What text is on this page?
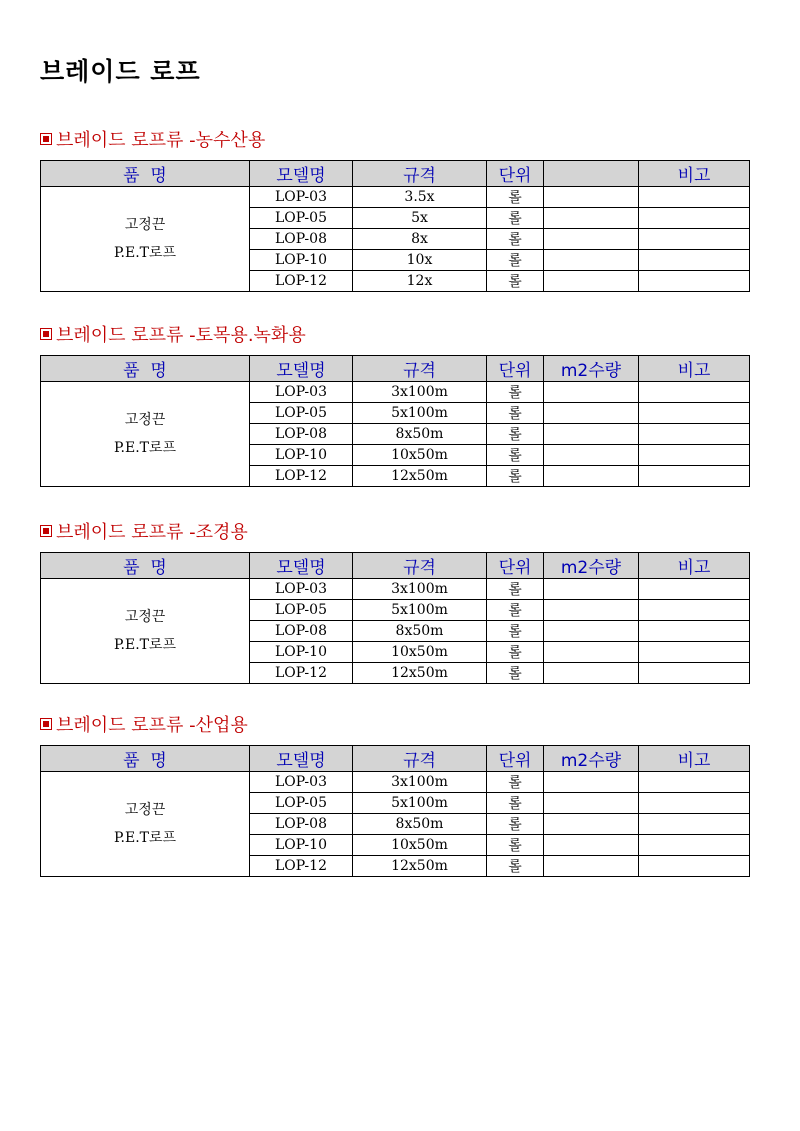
브레이드 로프
브레이드 로프류 -농수산용
품  명	모델명	규격	단위		비고

고정끈
P.E.T로프	LOP-03	3.5x	롤		
	LOP-05	5x	롤		
	LOP-08	8x	롤		
	LOP-10	10x	롤		
	LOP-12	12x	롤		
브레이드 로프류 -토목용.녹화용
품  명	모델명	규격	단위	m2수량	비고

고정끈
P.E.T로프	LOP-03	3x100m	롤		
	LOP-05	5x100m	롤		
	LOP-08	8x50m	롤		
	LOP-10	10x50m	롤		
	LOP-12	12x50m	롤		
브레이드 로프류 -조경용
품  명	모델명	규격	단위	m2수량	비고

고정끈
P.E.T로프	LOP-03	3x100m	롤		
	LOP-05	5x100m	롤		
	LOP-08	8x50m	롤		
	LOP-10	10x50m	롤		
	LOP-12	12x50m	롤		
브레이드 로프류 -산업용
품  명	모델명	규격	단위	m2수량	비고

고정끈
P.E.T로프	LOP-03	3x100m	롤		
	LOP-05	5x100m	롤		
	LOP-08	8x50m	롤		
	LOP-10	10x50m	롤		
	LOP-12	12x50m	롤		
